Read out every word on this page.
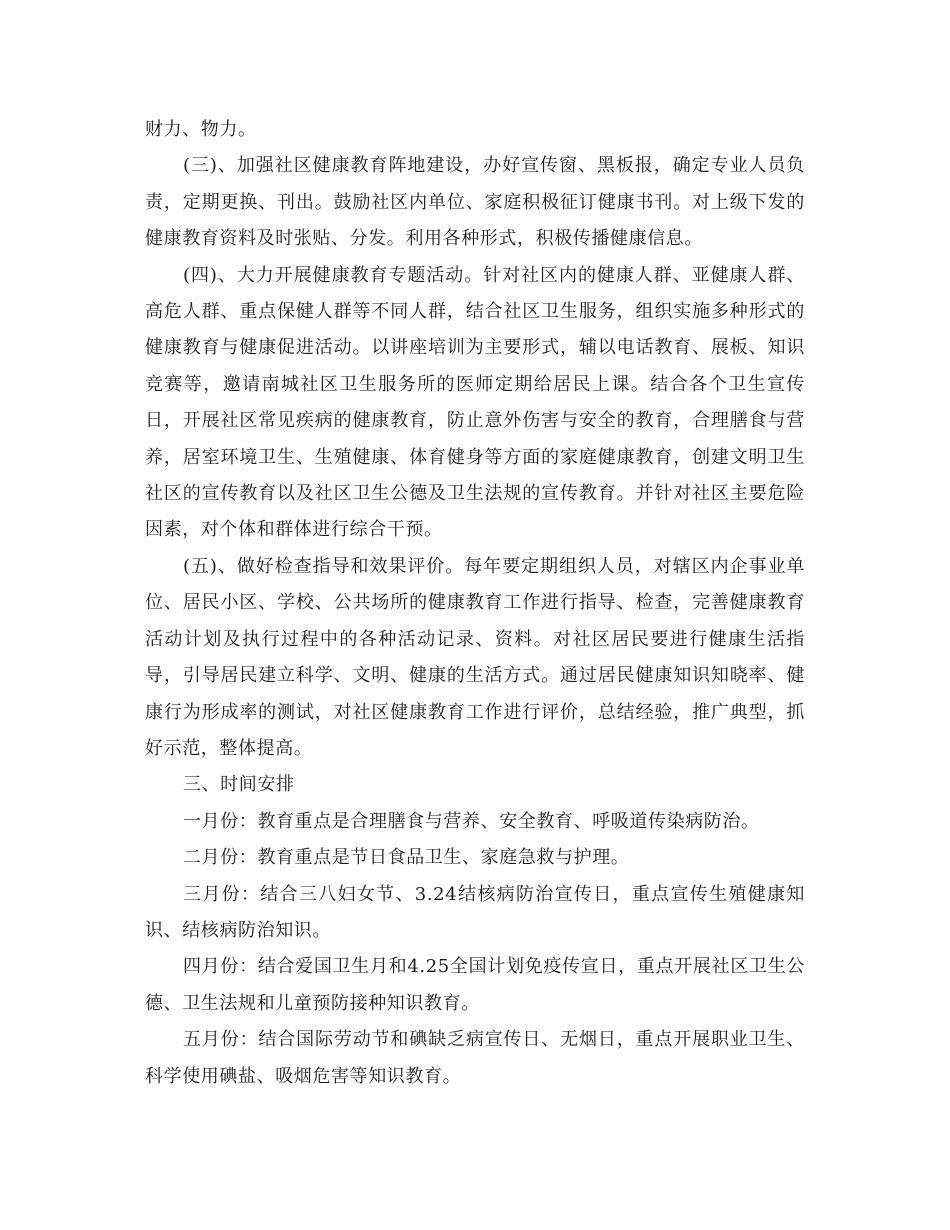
财力、物力。

(三)、加强社区健康教育阵地建设，办好宣传窗、黑板报，确定专业人员负责，定期更换、刊出。鼓励社区内单位、家庭积极征订健康书刊。对上级下发的健康教育资料及时张贴、分发。利用各种形式，积极传播健康信息。

(四)、大力开展健康教育专题活动。针对社区内的健康人群、亚健康人群、高危人群、重点保健人群等不同人群，结合社区卫生服务，组织实施多种形式的健康教育与健康促进活动。以讲座培训为主要形式，辅以电话教育、展板、知识竞赛等，邀请南城社区卫生服务所的医师定期给居民上课。结合各个卫生宣传日，开展社区常见疾病的健康教育，防止意外伤害与安全的教育，合理膳食与营养，居室环境卫生、生殖健康、体育健身等方面的家庭健康教育，创建文明卫生社区的宣传教育以及社区卫生公德及卫生法规的宣传教育。并针对社区主要危险因素，对个体和群体进行综合干预。

(五)、做好检查指导和效果评价。每年要定期组织人员，对辖区内企事业单位、居民小区、学校、公共场所的健康教育工作进行指导、检查，完善健康教育活动计划及执行过程中的各种活动记录、资料。对社区居民要进行健康生活指导，引导居民建立科学、文明、健康的生活方式。通过居民健康知识知晓率、健康行为形成率的测试，对社区健康教育工作进行评价，总结经验，推广典型，抓好示范，整体提高。

三、时间安排

一月份：教育重点是合理膳食与营养、安全教育、呼吸道传染病防治。

二月份：教育重点是节日食品卫生、家庭急救与护理。

三月份：结合三八妇女节、3.24结核病防治宣传日，重点宣传生殖健康知识、结核病防治知识。

四月份：结合爱国卫生月和4.25全国计划免疫传宣日，重点开展社区卫生公德、卫生法规和儿童预防接种知识教育。

五月份：结合国际劳动节和碘缺乏病宣传日、无烟日，重点开展职业卫生、科学使用碘盐、吸烟危害等知识教育。
